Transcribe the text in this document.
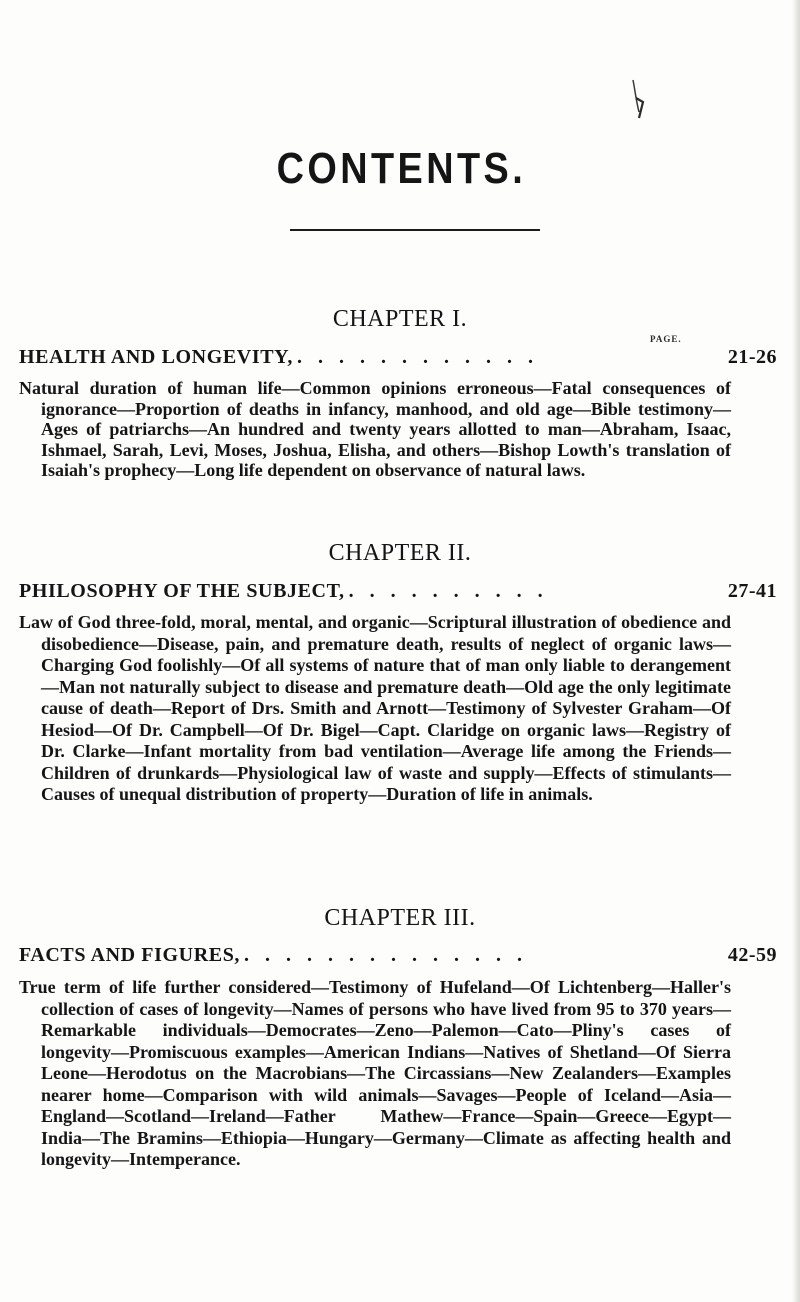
CONTENTS.
CHAPTER I.
PAGE.
HEALTH AND LONGEVITY, . . . . . . . . . . . .	21-26

Natural duration of human life—Common opinions erroneous—Fatal consequences of ignorance—Proportion of deaths in infancy, manhood, and old age—Bible testimony—Ages of patriarchs—An hundred and twenty years allotted to man—Abraham, Isaac, Ishmael, Sarah, Levi, Moses, Joshua, Elisha, and others—Bishop Lowth's translation of Isaiah's prophecy—Long life dependent on observance of natural laws.

CHAPTER II.
PHILOSOPHY OF THE SUBJECT, . . . . . . . . . .	27-41

Law of God three-fold, moral, mental, and organic—Scriptural illustration of obedience and disobedience—Disease, pain, and premature death, results of neglect of organic laws—Charging God foolishly—Of all systems of nature that of man only liable to derangement—Man not naturally subject to disease and premature death—Old age the only legitimate cause of death—Report of Drs. Smith and Arnott—Testimony of Sylvester Graham—Of Hesiod—Of Dr. Campbell—Of Dr. Bigel—Capt. Claridge on organic laws—Registry of Dr. Clarke—Infant mortality from bad ventilation—Average life among the Friends—Children of drunkards—Physiological law of waste and supply—Effects of stimulants—Causes of unequal distribution of property—Duration of life in animals.

CHAPTER III.
FACTS AND FIGURES, . . . . . . . . . . . . . .	42-59

True term of life further considered—Testimony of Hufeland—Of Lichtenberg—Haller's collection of cases of longevity—Names of persons who have lived from 95 to 370 years—Remarkable individuals—Democrates—Zeno—Palemon—Cato—Pliny's cases of longevity—Promiscuous examples—American Indians—Natives of Shetland—Of Sierra Leone—Herodotus on the Macrobians—The Circassians—New Zealanders—Examples nearer home—Comparison with wild animals—Savages—People of Iceland—Asia—England—Scotland—Ireland—Father Mathew—France—Spain—Greece—Egypt—India—The Bramins—Ethiopia—Hungary—Germany—Climate as affecting health and longevity—Intemperance.
